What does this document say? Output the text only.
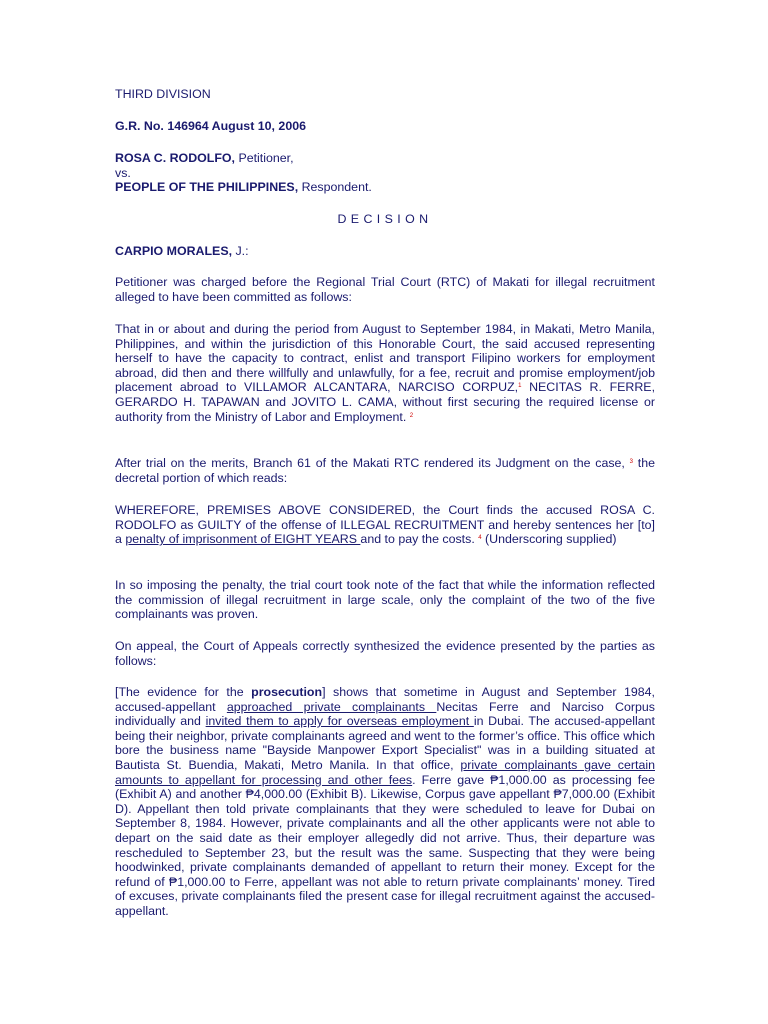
THIRD DIVISION

G.R. No. 146964 August 10, 2006

ROSA C. RODOLFO, Petitioner,

vs.

PEOPLE OF THE PHILIPPINES, Respondent.

DECISION

CARPIO MORALES, J.:

Petitioner was charged before the Regional Trial Court (RTC) of Makati for illegal recruitment alleged to have been committed as follows:

That in or about and during the period from August to September 1984, in Makati, Metro Manila, Philippines, and within the jurisdiction of this Honorable Court, the said accused representing herself to have the capacity to contract, enlist and transport Filipino workers for employment abroad, did then and there willfully and unlawfully, for a fee, recruit and promise employment/job placement abroad to VILLAMOR ALCANTARA, NARCISO CORPUZ,$^1$ NECITAS R. FERRE, GERARDO H. TAPAWAN and JOVITO L. CAMA, without first securing the required license or authority from the Ministry of Labor and Employment. $^2$

After trial on the merits, Branch 61 of the Makati RTC rendered its Judgment on the case, $^3$ the decretal portion of which reads:

WHEREFORE, PREMISES ABOVE CONSIDERED, the Court finds the accused ROSA C. RODOLFO as GUILTY of the offense of ILLEGAL RECRUITMENT and hereby sentences her [to] a penalty of imprisonment of EIGHT YEARS and to pay the costs. $^4$ (Underscoring supplied)

In so imposing the penalty, the trial court took note of the fact that while the information reflected the commission of illegal recruitment in large scale, only the complaint of the two of the five complainants was proven.

On appeal, the Court of Appeals correctly synthesized the evidence presented by the parties as follows:

[The evidence for the prosecution] shows that sometime in August and September 1984, accused-appellant approached private complainants Necitas Ferre and Narciso Corpus individually and invited them to apply for overseas employment in Dubai. The accused-appellant being their neighbor, private complainants agreed and went to the former’s office. This office which bore the business name "Bayside Manpower Export Specialist" was in a building situated at Bautista St. Buendia, Makati, Metro Manila. In that office, private complainants gave certain amounts to appellant for processing and other fees. Ferre gave ₱1,000.00 as processing fee (Exhibit A) and another ₱4,000.00 (Exhibit B). Likewise, Corpus gave appellant ₱7,000.00 (Exhibit D). Appellant then told private complainants that they were scheduled to leave for Dubai on September 8, 1984. However, private complainants and all the other applicants were not able to depart on the said date as their employer allegedly did not arrive. Thus, their departure was rescheduled to September 23, but the result was the same. Suspecting that they were being hoodwinked, private complainants demanded of appellant to return their money. Except for the refund of ₱1,000.00 to Ferre, appellant was not able to return private complainants’ money. Tired of excuses, private complainants filed the present case for illegal recruitment against the accused-appellant.
